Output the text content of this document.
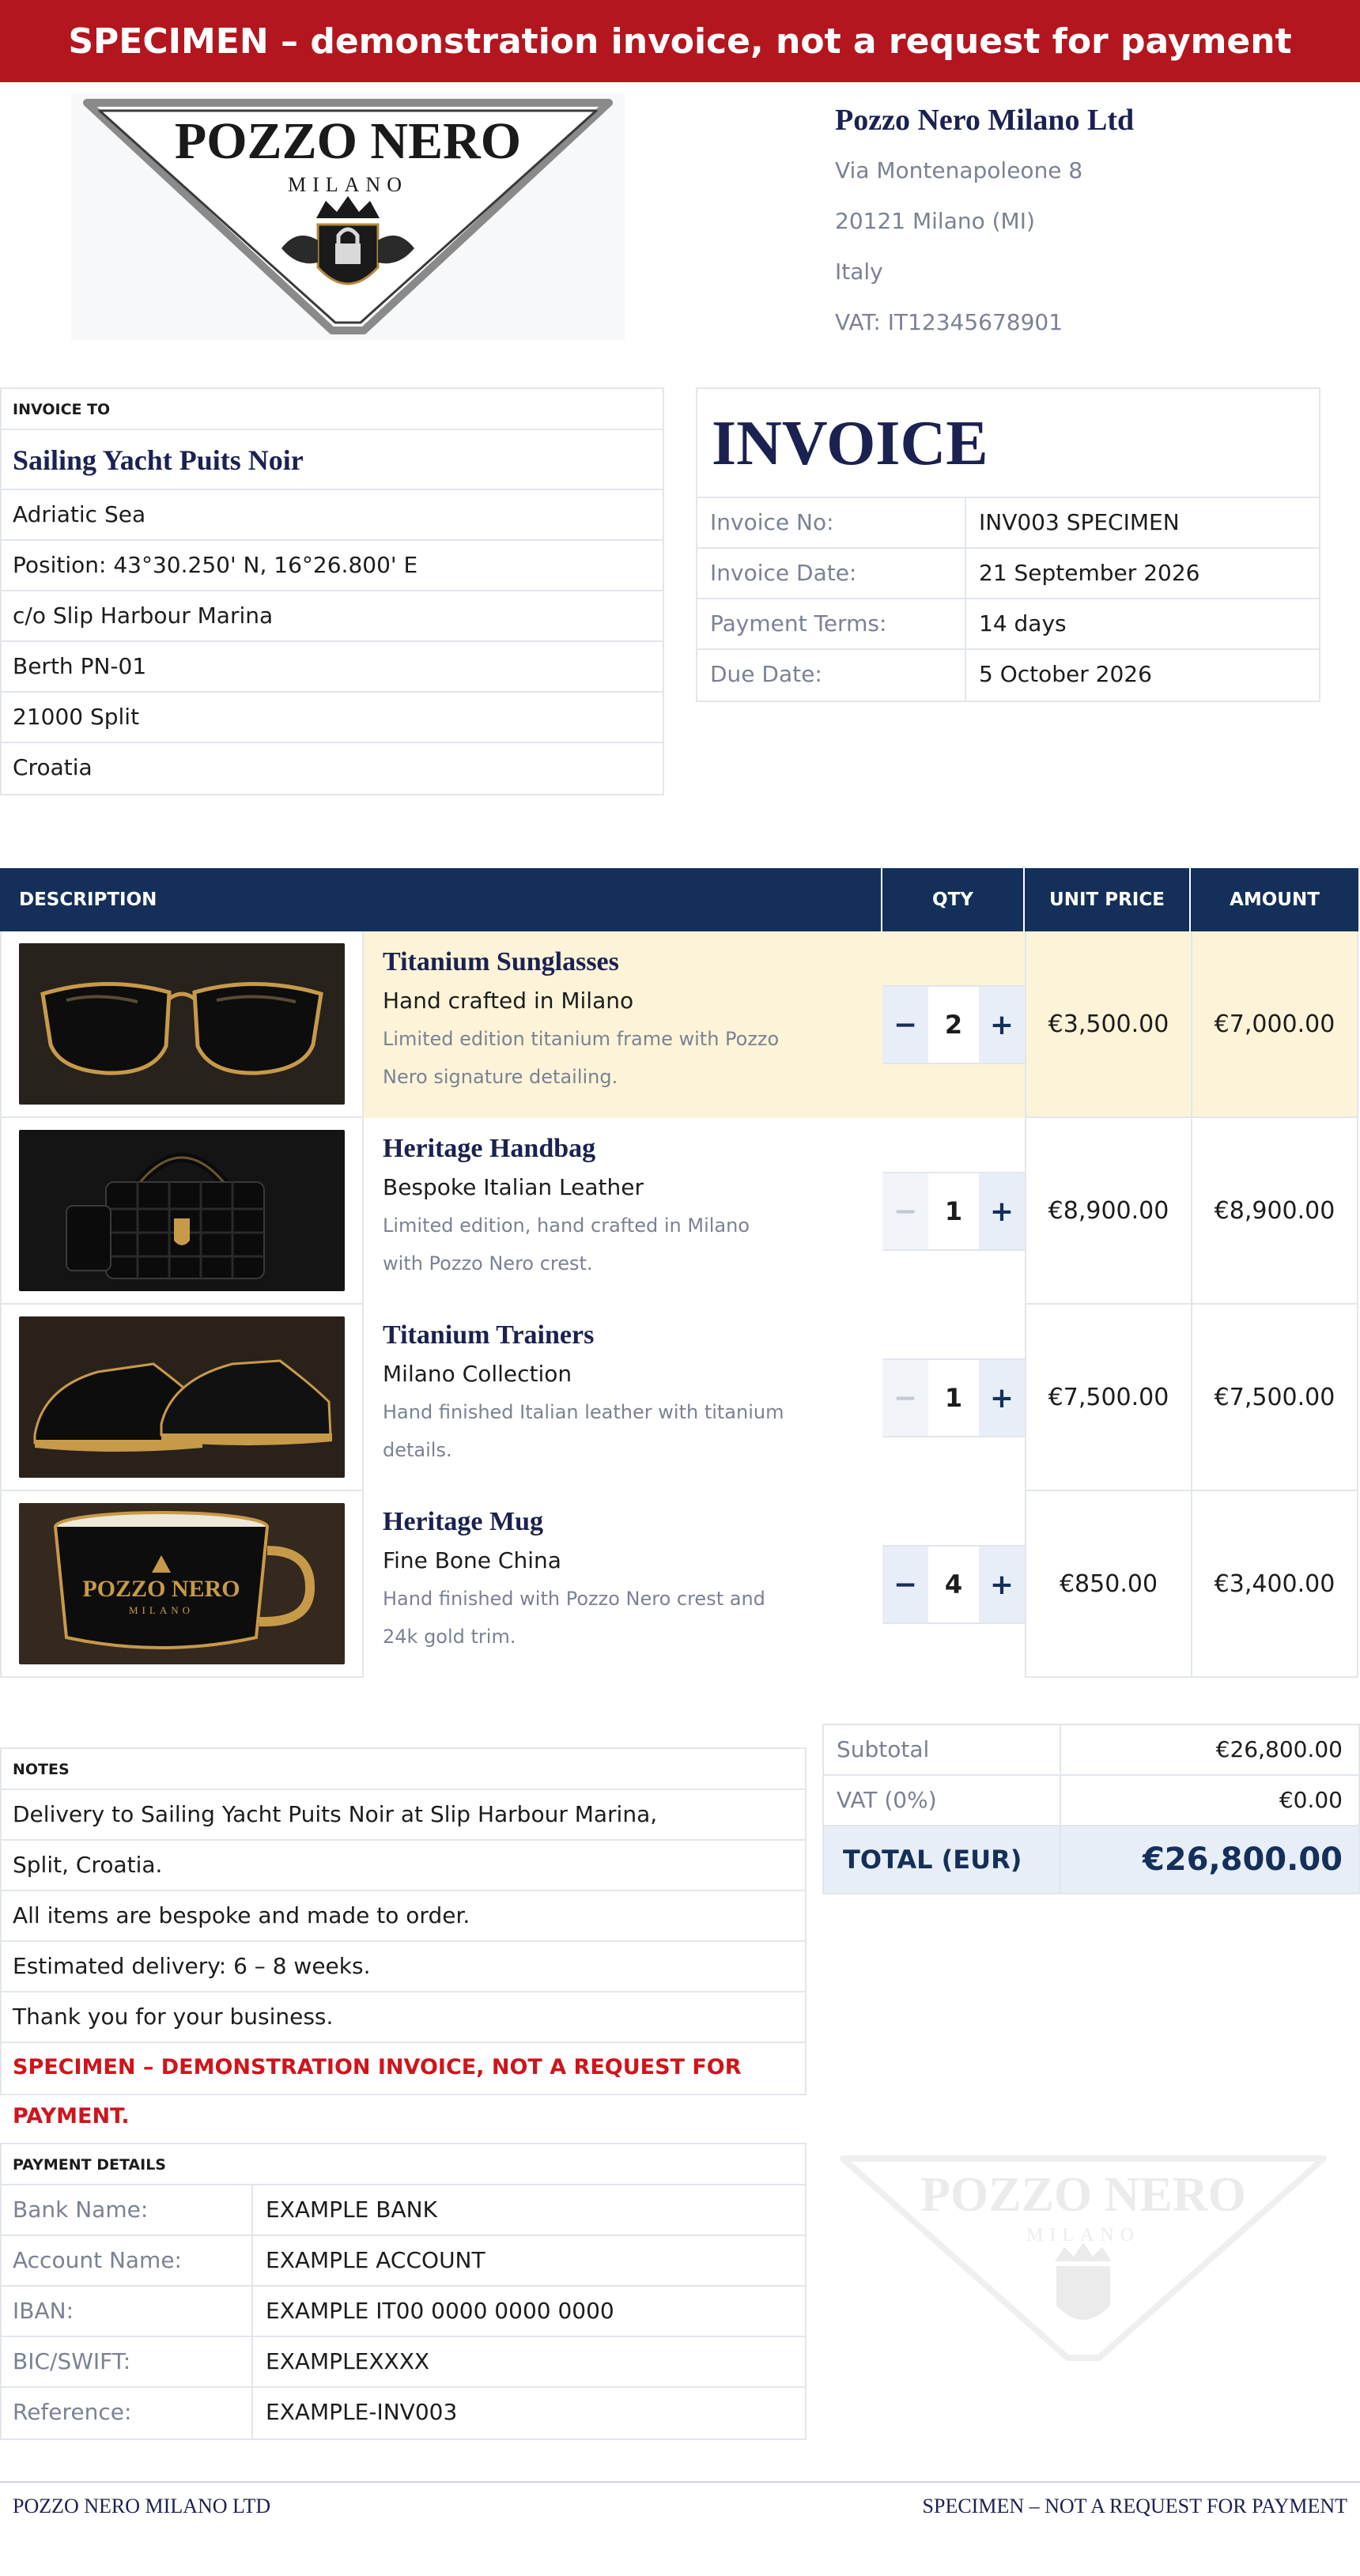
SPECIMEN – demonstration invoice, not a request for payment
POZZO NERO
MILANO
Pozzo Nero Milano Ltd
Via Montenapoleone 8
20121 Milano (MI)
Italy
VAT: IT12345678901
INVOICE TO
Sailing Yacht Puits Noir
Adriatic Sea
Position: 43°30.250' N, 16°26.800' E
c/o Slip Harbour Marina
Berth PN-01
21000 Split
Croatia
INVOICE
Invoice No:	INV003 SPECIMEN
Invoice Date:	21 September 2026
Payment Terms:	14 days
Due Date:	5 October 2026
DESCRIPTION	QTY	UNIT PRICE	AMOUNT
Titanium Sunglasses
Hand crafted in Milano
Limited edition titanium frame with Pozzo Nero signature detailing.
−	2 +	€3,500.00	€7,000.00
Heritage Handbag
Bespoke Italian Leather
Limited edition, hand crafted in Milano with Pozzo Nero crest.
−	1 +	€8,900.00	€8,900.00
Titanium Trainers
Milano Collection
Hand finished Italian leather with titanium details.
−	1 +	€7,500.00	€7,500.00
POZZO NERO
MILANO
Heritage Mug
Fine Bone China
Hand finished with Pozzo Nero crest and 24k gold trim.
−	4 +	€850.00	€3,400.00
NOTES
Delivery to Sailing Yacht Puits Noir at Slip Harbour Marina,
Split, Croatia.
All items are bespoke and made to order.
Estimated delivery: 6 – 8 weeks.
Thank you for your business.
SPECIMEN – DEMONSTRATION INVOICE, NOT A REQUEST FOR PAYMENT.
Subtotal	€26,800.00
VAT (0%)	€0.00
TOTAL (EUR)	€26,800.00
PAYMENT DETAILS
Bank Name:	EXAMPLE BANK
Account Name:	EXAMPLE ACCOUNT
IBAN:	EXAMPLE IT00 0000 0000 0000
BIC/SWIFT:	EXAMPLEXXXX
Reference:	EXAMPLE-INV003
POZZO NERO
MILANO
POZZO NERO MILANO LTD	SPECIMEN – NOT A REQUEST FOR PAYMENT
